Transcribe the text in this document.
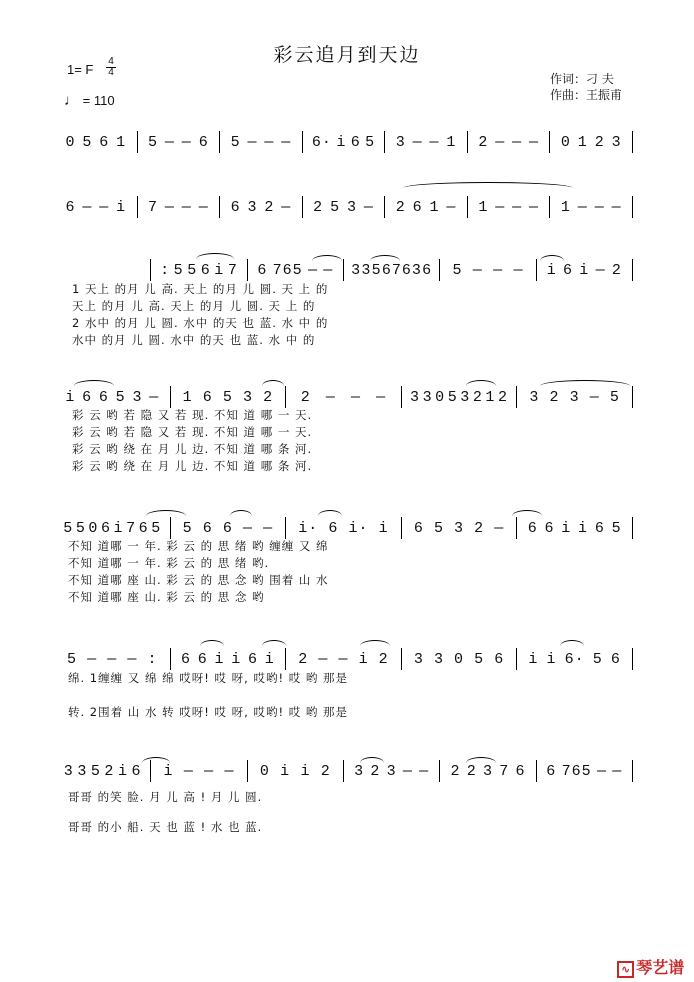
彩云追月到天边
1= F
4
4
♩ = 110
作词：刁 夫
作曲：王振甫
0 5 6 1 5 — — 6 5 — — — 6· i 6 5 3 — — 1 2 — — — 0 1 2 3
6 — — i 7 — — — 6 3 2 — 2 5 3 — 2 6 1 — 1 — — — 1 — — —
: 5 5 6 i 7 6 765 — — 3 3 5 6763 6 5 — — — i 6 i — 2
i 6 6 5 3 — 1 6 5 3 2 2 — — — 3 3 0 5 3 2 1 2 3 2 3 — 5
5 5 0 6 i 7 6 5 5 6 6 — — i· 6 i· i 6 5 3 2 — 6 6 i i 6 5
5 — — — : 6 6 i i 6 i 2 — — i 2 3 3 0 5 6 i i 6· 5 6
3 3 5 2 i 6 i — — — 0 i i 2 3 2 3 — — 2 2 3 7 6 6 765 — —
1 天上 的月 儿 高. 天上 的月 儿 圆. 天 上 的
天上 的月 儿 高. 天上 的月 儿 圆. 天 上 的
2 水中 的月 儿 圆. 水中 的天 也 蓝. 水 中 的
水中 的月 儿 圆. 水中 的天 也 蓝. 水 中 的
彩 云 哟 若 隐 又 若 现. 不知 道 哪 一 天.
彩 云 哟 若 隐 又 若 现. 不知 道 哪 一 天.
彩 云 哟 绕 在 月 儿 边. 不知 道 哪 条 河.
彩 云 哟 绕 在 月 儿 边. 不知 道 哪 条 河.
不知 道哪 一 年. 彩 云 的 思 绪 哟 缠缠 又 绵
不知 道哪 一 年. 彩 云 的 思 绪 哟.
不知 道哪 座 山. 彩 云 的 思 念 哟 围着 山 水
不知 道哪 座 山. 彩 云 的 思 念 哟
绵. 1缠缠 又 绵 绵 哎呀! 哎 呀, 哎哟! 哎 哟 那是
转. 2围着 山 水 转 哎呀! 哎 呀, 哎哟! 哎 哟 那是
哥哥 的笑 脸. 月 儿 高 ! 月 儿 圆.
哥哥 的小 船. 天 也 蓝 ! 水 也 蓝.
∿ 琴艺谱
